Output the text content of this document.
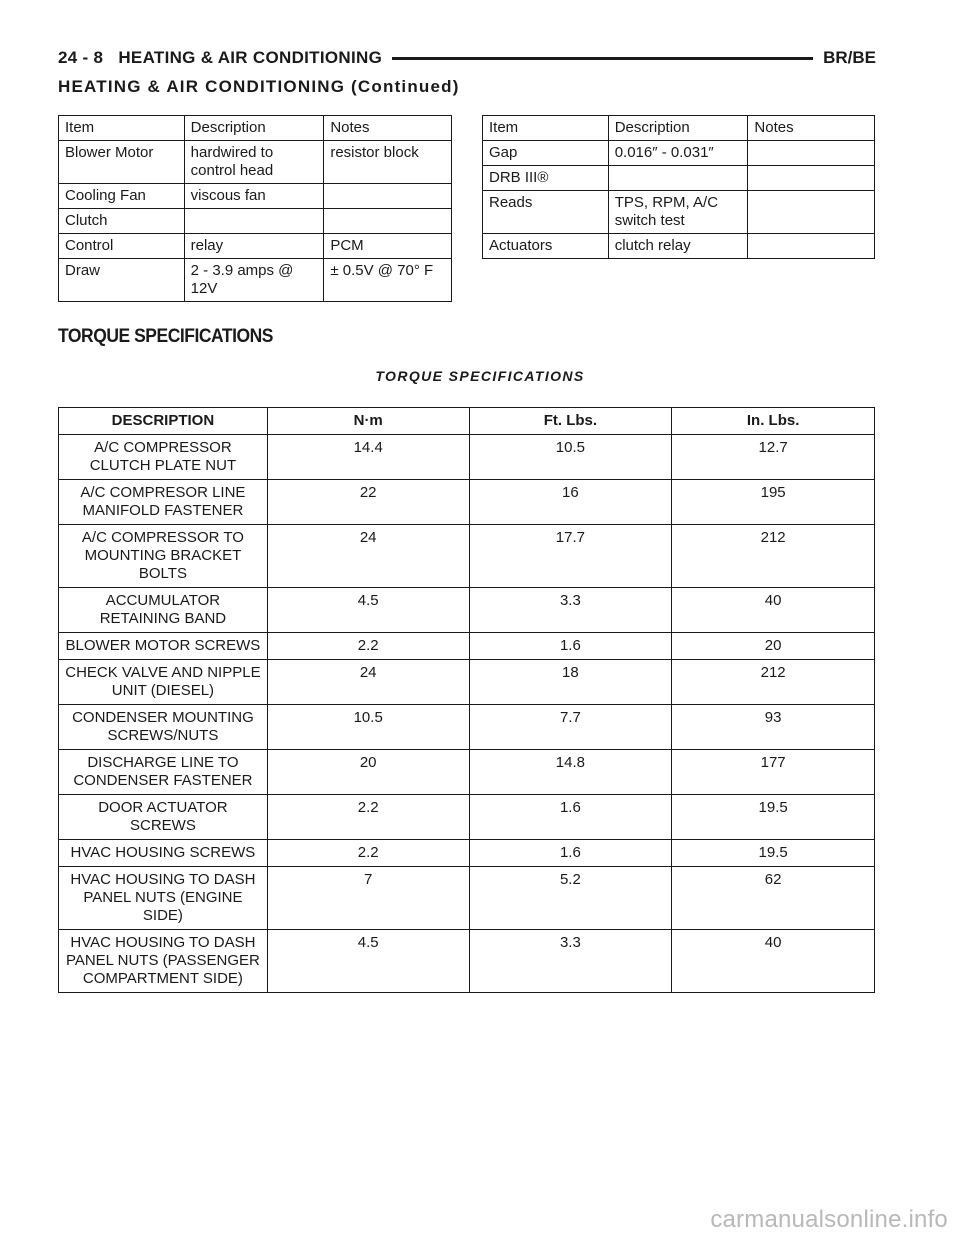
24 - 8 HEATING & AIR CONDITIONING	BR/BE
HEATING & AIR CONDITIONING (Continued)
Item	Description	Notes
Blower Motor	hardwired to control head	resistor block
Cooling Fan	viscous fan	
Clutch		
Control	relay	PCM
Draw	2 - 3.9 amps @ 12V	± 0.5V @ 70° F
Item	Description	Notes
Gap	0.016″ - 0.031″	
DRB III®		
Reads	TPS, RPM, A/C switch test	
Actuators	clutch relay	
TORQUE SPECIFICATIONS
TORQUE SPECIFICATIONS
DESCRIPTION	N·m	Ft. Lbs.	In. Lbs.
A/C COMPRESSOR CLUTCH PLATE NUT	14.4	10.5	12.7
A/C COMPRESOR LINE MANIFOLD FASTENER	22	16	195
A/C COMPRESSOR TO MOUNTING BRACKET BOLTS	24	17.7	212
ACCUMULATOR RETAINING BAND	4.5	3.3	40
BLOWER MOTOR SCREWS	2.2	1.6	20
CHECK VALVE AND NIPPLE UNIT (DIESEL)	24	18	212
CONDENSER MOUNTING SCREWS/NUTS	10.5	7.7	93
DISCHARGE LINE TO CONDENSER FASTENER	20	14.8	177
DOOR ACTUATOR SCREWS	2.2	1.6	19.5
HVAC HOUSING SCREWS	2.2	1.6	19.5
HVAC HOUSING TO DASH PANEL NUTS (ENGINE SIDE)	7	5.2	62
HVAC HOUSING TO DASH PANEL NUTS (PASSENGER COMPARTMENT SIDE)	4.5	3.3	40
carmanualsonline.info
